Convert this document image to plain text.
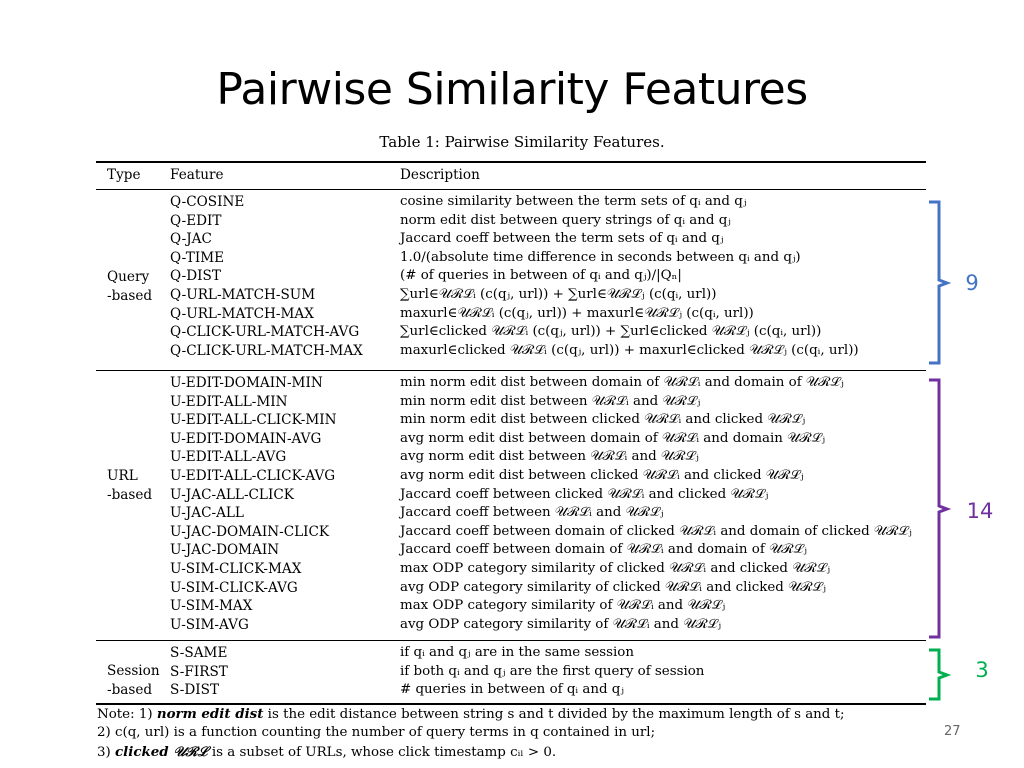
Pairwise Similarity Features
Table 1: Pairwise Similarity Features.
Type Feature	Description
Query
-based
Q-COSINE
Q-EDIT
Q-JAC
Q-TIME
Q-DIST
Q-URL-MATCH-SUM
Q-URL-MATCH-MAX
Q-CLICK-URL-MATCH-AVG
Q-CLICK-URL-MATCH-MAX
cosine similarity between the term sets of qᵢ and qⱼ
norm edit dist between query strings of qᵢ and qⱼ
Jaccard coeff between the term sets of qᵢ and qⱼ
1.0/(absolute time difference in seconds between qᵢ and qⱼ)
(# of queries in between of qᵢ and qⱼ)/|Qₙ|
∑url∈𝒰ℛℒᵢ (c(qⱼ, url)) + ∑url∈𝒰ℛℒⱼ (c(qᵢ, url))
maxurl∈𝒰ℛℒᵢ (c(qⱼ, url)) + maxurl∈𝒰ℛℒⱼ (c(qᵢ, url))
∑url∈clicked 𝒰ℛℒᵢ (c(qⱼ, url)) + ∑url∈clicked 𝒰ℛℒⱼ (c(qᵢ, url))
maxurl∈clicked 𝒰ℛℒᵢ (c(qⱼ, url)) + maxurl∈clicked 𝒰ℛℒⱼ (c(qᵢ, url))
URL
-based
U-EDIT-DOMAIN-MIN
U-EDIT-ALL-MIN
U-EDIT-ALL-CLICK-MIN
U-EDIT-DOMAIN-AVG
U-EDIT-ALL-AVG
U-EDIT-ALL-CLICK-AVG
U-JAC-ALL-CLICK
U-JAC-ALL
U-JAC-DOMAIN-CLICK
U-JAC-DOMAIN
U-SIM-CLICK-MAX
U-SIM-CLICK-AVG
U-SIM-MAX
U-SIM-AVG
min norm edit dist between domain of 𝒰ℛℒᵢ and domain of 𝒰ℛℒⱼ
min norm edit dist between 𝒰ℛℒᵢ and 𝒰ℛℒⱼ
min norm edit dist between clicked 𝒰ℛℒᵢ and clicked 𝒰ℛℒⱼ
avg norm edit dist between domain of 𝒰ℛℒᵢ and domain 𝒰ℛℒⱼ
avg norm edit dist between 𝒰ℛℒᵢ and 𝒰ℛℒⱼ
avg norm edit dist between clicked 𝒰ℛℒᵢ and clicked 𝒰ℛℒⱼ
Jaccard coeff between clicked 𝒰ℛℒᵢ and clicked 𝒰ℛℒⱼ
Jaccard coeff between 𝒰ℛℒᵢ and 𝒰ℛℒⱼ
Jaccard coeff between domain of clicked 𝒰ℛℒᵢ and domain of clicked 𝒰ℛℒⱼ
Jaccard coeff between domain of 𝒰ℛℒᵢ and domain of 𝒰ℛℒⱼ
max ODP category similarity of clicked 𝒰ℛℒᵢ and clicked 𝒰ℛℒⱼ
avg ODP category similarity of clicked 𝒰ℛℒᵢ and clicked 𝒰ℛℒⱼ
max ODP category similarity of 𝒰ℛℒᵢ and 𝒰ℛℒⱼ
avg ODP category similarity of 𝒰ℛℒᵢ and 𝒰ℛℒⱼ
Session
-based
S-SAME
S-FIRST
S-DIST
if qᵢ and qⱼ are in the same session
if both qᵢ and qⱼ are the first query of session
# queries in between of qᵢ and qⱼ
9
14
3
Note: 1) norm edit dist is the edit distance between string s and t divided by the maximum length of s and t;
2) c(q, url) is a function counting the number of query terms in q contained in url;
3) clicked 𝒰ℛℒ is a subset of URLs, whose click timestamp cᵢₗ > 0.
27
